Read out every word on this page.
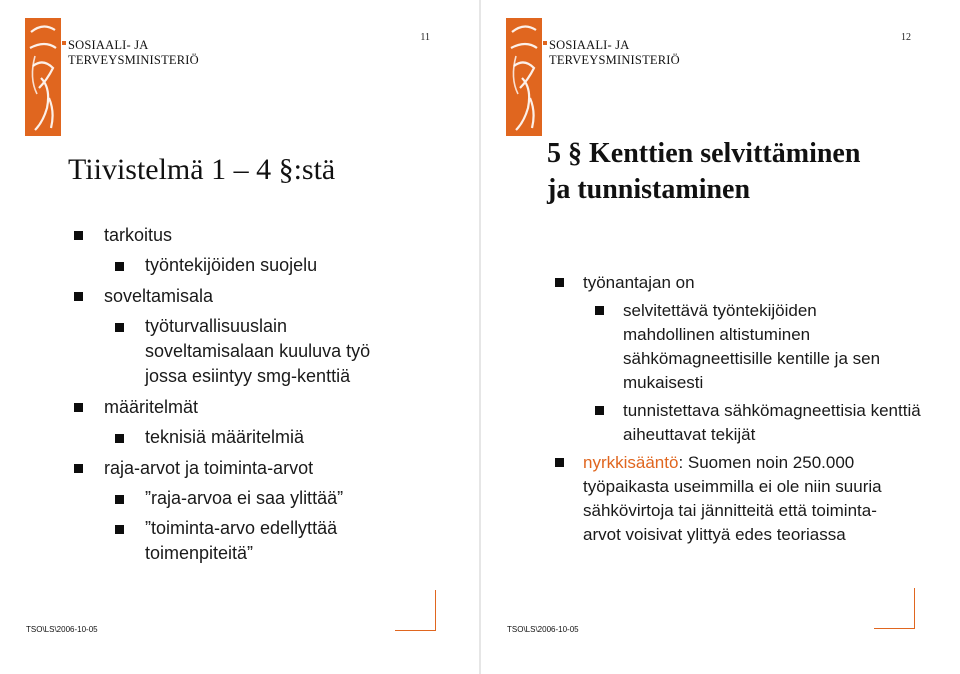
SOSIAALI- JA
TERVEYSMINISTERIÖ
11
Tiivistelmä 1 – 4 §:stä
tarkoitus
työntekijöiden suojelu
soveltamisala
työturvallisuuslain soveltamisalaan kuuluva työ jossa esiintyy smg-kenttiä
määritelmät
teknisiä määritelmiä
raja-arvot ja toiminta-arvot
”raja-arvoa ei saa ylittää”
”toiminta-arvo edellyttää toimenpiteitä”
TSO\LS\2006-10-05
SOSIAALI- JA
TERVEYSMINISTERIÖ
12
5 § Kenttien selvittäminen
ja tunnistaminen
työnantajan on
selvitettävä työntekijöiden mahdollinen altistuminen sähkömagneettisille kentille ja sen mukaisesti
tunnistettava sähkömagneettisia kenttiä aiheuttavat tekijät
nyrkkisääntö: Suomen noin 250.000 työpaikasta useimmilla ei ole niin suuria sähkövirtoja tai jännitteitä että toiminta-arvot voisivat ylittyä edes teoriassa
TSO\LS\2006-10-05
